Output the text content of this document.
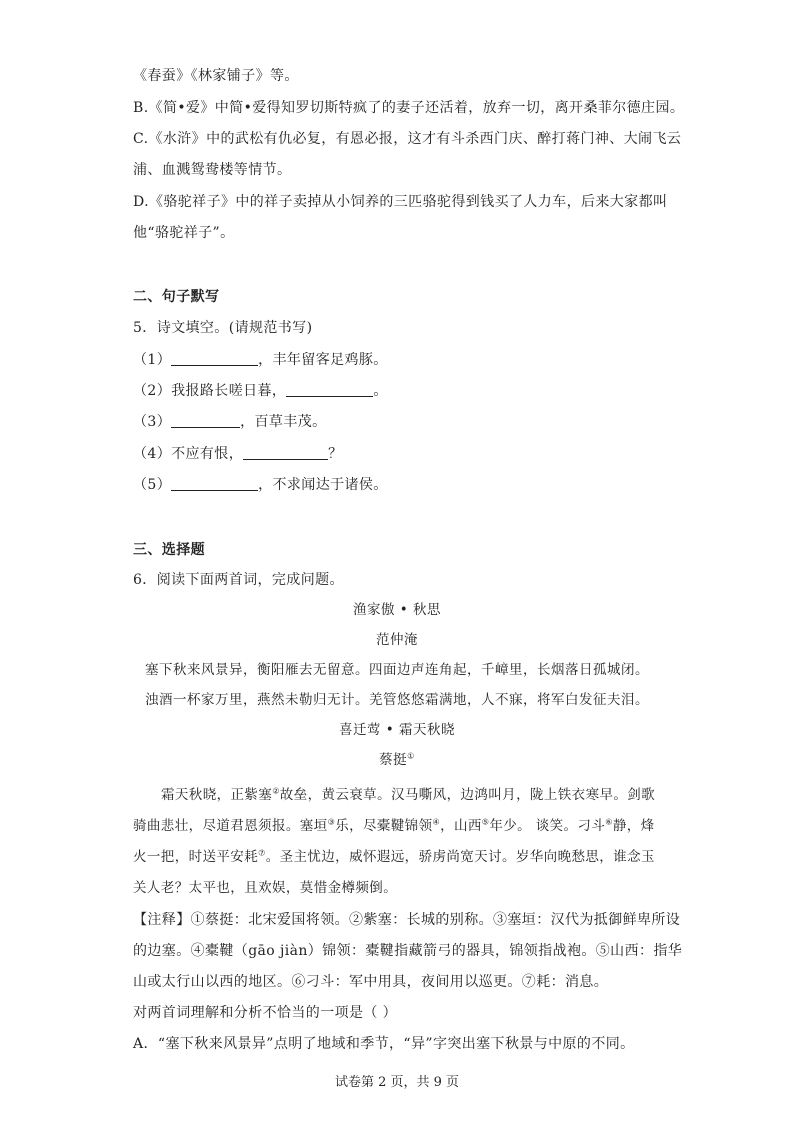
《春蚕》《林家铺子》等。
B.《简•爱》中简•爱得知罗切斯特疯了的妻子还活着，放弃一切，离开桑菲尔德庄园。
C.《水浒》中的武松有仇必复，有恩必报，这才有斗杀西门庆、醉打蒋门神、大闹飞云
浦、血溅鸳鸯楼等情节。
D.《骆驼祥子》中的祥子卖掉从小饲养的三匹骆驼得到钱买了人力车，后来大家都叫
他“骆驼祥子”。
二、句子默写
5．诗文填空。(请规范书写)
（1）	，丰年留客足鸡豚。
（2）我报路长嗟日暮，	。
（3）	，百草丰茂。
（4）不应有恨，	？
（5）	，不求闻达于诸侯。
三、选择题
6．阅读下面两首词，完成问题。
渔家傲 • 秋思
范仲淹
塞下秋来风景异，衡阳雁去无留意。四面边声连角起，千嶂里，长烟落日孤城闭。
浊酒一杯家万里，燕然未勒归无计。羌管悠悠霜满地，人不寐，将军白发征夫泪。
喜迁莺 • 霜天秋晓
蔡挺①
霜天秋晓，正紫塞②故垒，黄云衰草。汉马嘶风，边鸿叫月，陇上铁衣寒早。剑歌
骑曲悲壮，尽道君恩须报。塞垣③乐，尽橐鞬锦领④，山西⑤年少。 谈笑。刁斗⑥静，烽
火一把，时送平安耗⑦。圣主忧边，威怀遐远，骄虏尚宽天讨。岁华向晚愁思，谁念玉
关人老？太平也，且欢娱，莫惜金樽频倒。
【注释】①蔡挺：北宋爱国将领。②紫塞：长城的别称。③塞垣：汉代为抵御鲜卑所设
的边塞。④橐鞬（gāo jiàn）锦领：橐鞬指藏箭弓的器具，锦领指战袍。⑤山西：指华
山或太行山以西的地区。⑥刁斗：军中用具，夜间用以巡更。⑦耗：消息。
对两首词理解和分析不恰当的一项是（ ）
A．“塞下秋来风景异”点明了地域和季节，“异”字突出塞下秋景与中原的不同。
试卷第 2 页，共 9 页
